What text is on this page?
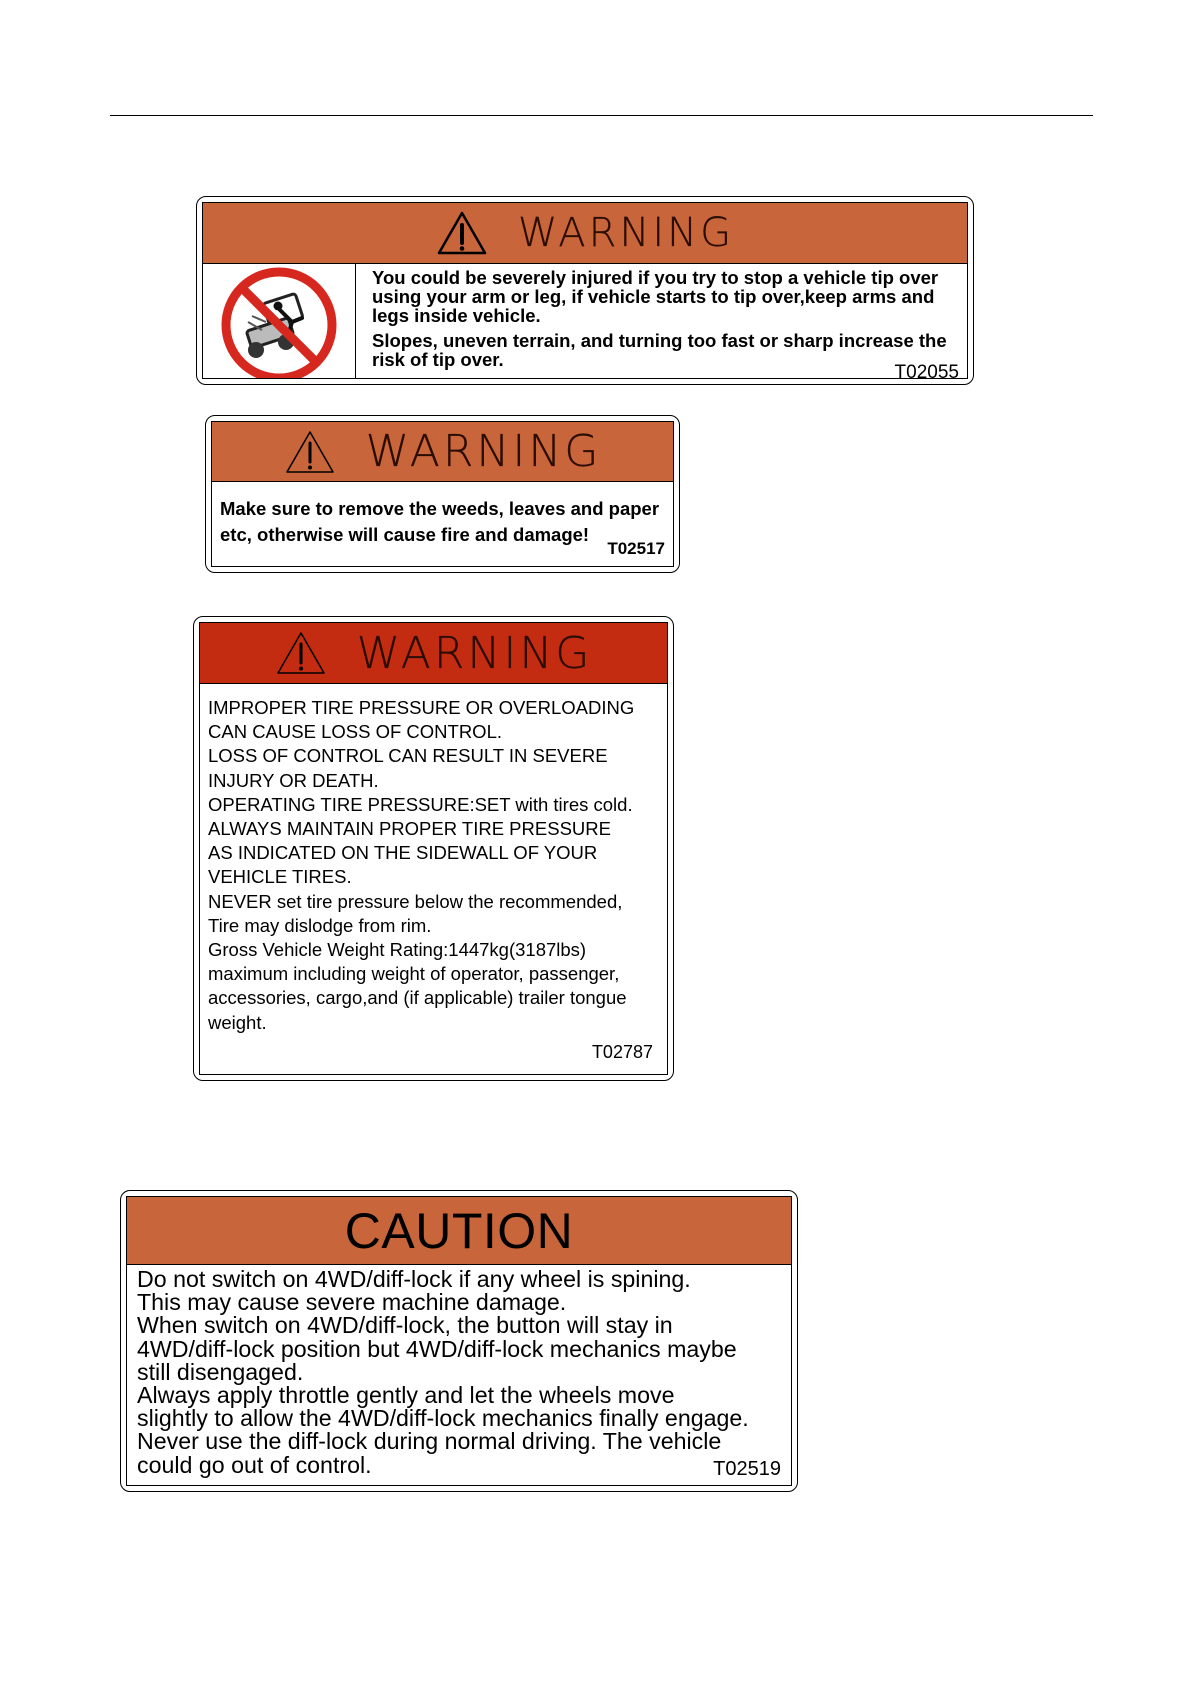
WARNING

You could be severely injured if you try to stop a vehicle tip over using your arm or leg, if vehicle starts to tip over,keep arms and legs inside vehicle.

Slopes, uneven terrain, and turning too fast or sharp increase the risk of tip over.

T02055
WARNING
Make sure to remove the weeds, leaves and paper etc, otherwise will cause fire and damage!
T02517
WARNING
IMPROPER TIRE PRESSURE OR OVERLOADING
CAN CAUSE LOSS OF CONTROL.
LOSS OF CONTROL CAN RESULT IN SEVERE
INJURY OR DEATH.
OPERATING TIRE PRESSURE:SET with tires cold.
ALWAYS MAINTAIN PROPER TIRE PRESSURE
AS INDICATED ON THE SIDEWALL OF YOUR
VEHICLE TIRES.
NEVER set tire pressure below the recommended,
Tire may dislodge from rim.
Gross Vehicle Weight Rating:1447kg(3187lbs)
maximum including weight of operator, passenger,
accessories, cargo,and (if applicable) trailer tongue
weight.
T02787
CAUTION
Do not switch on 4WD/diff-lock if any wheel is spining.
This may cause severe machine damage.
When switch on 4WD/diff-lock, the button will stay in
4WD/diff-lock position but 4WD/diff-lock mechanics maybe
still disengaged.
Always apply throttle gently and let the wheels move
slightly to allow the 4WD/diff-lock mechanics finally engage.
Never use the diff-lock during normal driving. The vehicle
could go out of control.	T02519
